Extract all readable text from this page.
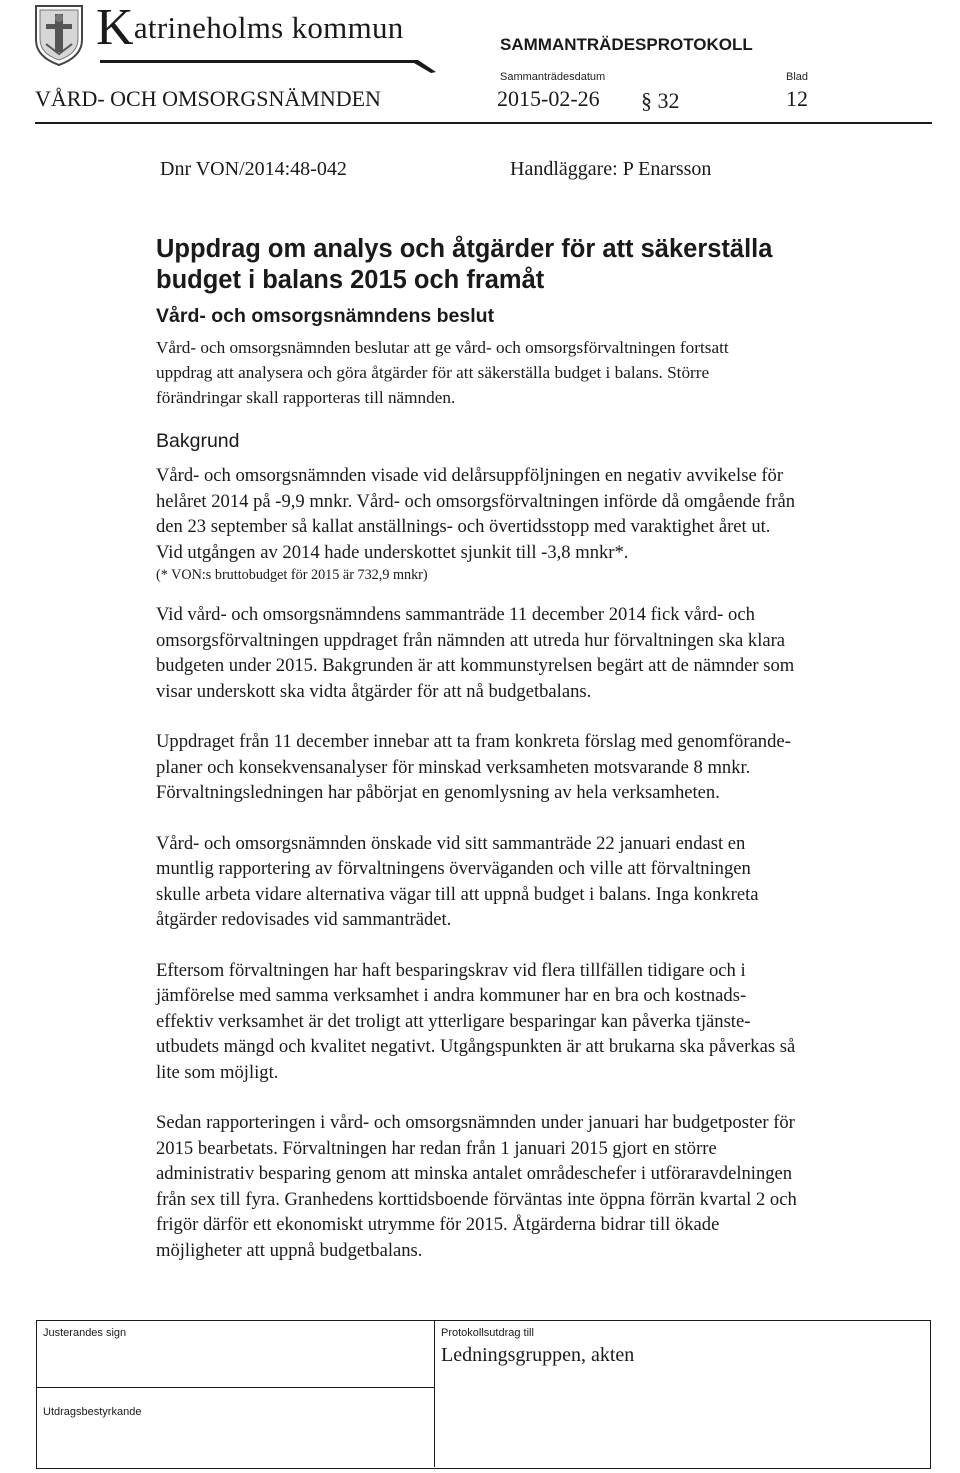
Katrineholms kommun	SAMMANTRÄDESPROTOKOLL
Sammanträdesdatum	Blad
VÅRD- OCH OMSORGSNÄMNDEN	2015-02-26 § 32	12
Dnr VON/2014:48-042	Handläggare: P Enarsson
Uppdrag om analys och åtgärder för att säkerställa budget i balans 2015 och framåt
Vård- och omsorgsnämndens beslut

Vård- och omsorgsnämnden beslutar att ge vård- och omsorgsförvaltningen fortsatt
uppdrag att analysera och göra åtgärder för att säkerställa budget i balans. Större
förändringar skall rapporteras till nämnden.

Bakgrund

Vård- och omsorgsnämnden visade vid delårsuppföljningen en negativ avvikelse för
helåret 2014 på -9,9 mnkr. Vård- och omsorgsförvaltningen införde då omgående från
den 23 september så kallat anställnings- och övertidsstopp med varaktighet året ut.
Vid utgången av 2014 hade underskottet sjunkit till -3,8 mnkr*.

(* VON:s bruttobudget för 2015 är 732,9 mnkr)

Vid vård- och omsorgsnämndens sammanträde 11 december 2014 fick vård- och
omsorgsförvaltningen uppdraget från nämnden att utreda hur förvaltningen ska klara
budgeten under 2015. Bakgrunden är att kommunstyrelsen begärt att de nämnder som
visar underskott ska vidta åtgärder för att nå budgetbalans.

Uppdraget från 11 december innebar att ta fram konkreta förslag med genomförande-
planer och konsekvensanalyser för minskad verksamheten motsvarande 8 mnkr.
Förvaltningsledningen har påbörjat en genomlysning av hela verksamheten.

Vård- och omsorgsnämnden önskade vid sitt sammanträde 22 januari endast en
muntlig rapportering av förvaltningens överväganden och ville att förvaltningen
skulle arbeta vidare alternativa vägar till att uppnå budget i balans. Inga konkreta
åtgärder redovisades vid sammanträdet.

Eftersom förvaltningen har haft besparingskrav vid flera tillfällen tidigare och i
jämförelse med samma verksamhet i andra kommuner har en bra och kostnads-
effektiv verksamhet är det troligt att ytterligare besparingar kan påverka tjänste-
utbudets mängd och kvalitet negativt. Utgångspunkten är att brukarna ska påverkas så
lite som möjligt.

Sedan rapporteringen i vård- och omsorgsnämnden under januari har budgetposter för
2015 bearbetats. Förvaltningen har redan från 1 januari 2015 gjort en större
administrativ besparing genom att minska antalet områdeschefer i utförаravdelningen
från sex till fyra. Granhedens korttidsboende förväntas inte öppna förrän kvartal 2 och
frigör därför ett ekonomiskt utrymme för 2015. Åtgärderna bidrar till ökade
möjligheter att uppnå budgetbalans.

Justerandes sign	Protokollsutdrag till
Ledningsgruppen, akten
Utdragsbestyrkande
